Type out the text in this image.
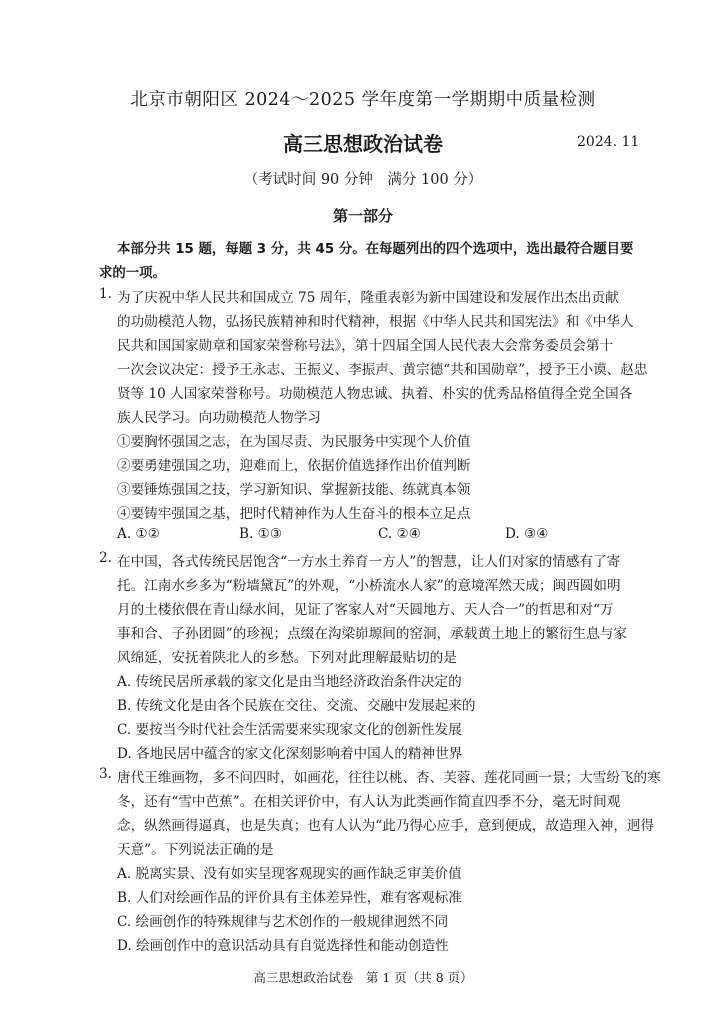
北京市朝阳区 2024～2025 学年度第一学期期中质量检测
高三思想政治试卷	2024. 11
（考试时间 90 分钟　满分 100 分）
第一部分
本部分共 15 题，每题 3 分，共 45 分。在每题列出的四个选项中，选出最符合题目要
求的一项。
1. 为了庆祝中华人民共和国成立 75 周年，隆重表彰为新中国建设和发展作出杰出贡献
的功勋模范人物，弘扬民族精神和时代精神，根据《中华人民共和国宪法》和《中华人
民共和国国家勋章和国家荣誉称号法》，第十四届全国人民代表大会常务委员会第十
一次会议决定：授予王永志、王振义、李振声、黄宗德“共和国勋章”，授予王小谟、赵忠
贤等 10 人国家荣誉称号。功勋模范人物忠诚、执着、朴实的优秀品格值得全党全国各
族人民学习。向功勋模范人物学习
①要胸怀强国之志，在为国尽责、为民服务中实现个人价值
②要勇建强国之功，迎难而上，依据价值选择作出价值判断
③要锤炼强国之技，学习新知识、掌握新技能、练就真本领
④要铸牢强国之基，把时代精神作为人生奋斗的根本立足点
A. ①②	B. ①③	C. ②④	D. ③④
2. 在中国，各式传统民居饱含“一方水土养育一方人”的智慧，让人们对家的情感有了寄
托。江南水乡多为“粉墙黛瓦”的外观，“小桥流水人家”的意境浑然天成；闽西圆如明
月的土楼依偎在青山绿水间，见证了客家人对“天圆地方、天人合一”的哲思和对“万
事和合、子孙团圆”的珍视；点缀在沟梁峁塬间的窑洞，承载黄土地上的繁衍生息与家
风绵延，安抚着陕北人的乡愁。下列对此理解最贴切的是
A. 传统民居所承载的家文化是由当地经济政治条件决定的
B. 传统文化是由各个民族在交往、交流、交融中发展起来的
C. 要按当今时代社会生活需要来实现家文化的创新性发展
D. 各地民居中蕴含的家文化深刻影响着中国人的精神世界
3. 唐代王维画物，多不问四时，如画花，往往以桃、杏、芙蓉、莲花同画一景；大雪纷飞的寒
冬，还有“雪中芭蕉”。在相关评价中，有人认为此类画作简直四季不分，毫无时间观
念，纵然画得逼真，也是失真；也有人认为“此乃得心应手，意到便成，故造理入神，迥得
天意”。下列说法正确的是
A. 脱离实景、没有如实呈现客观现实的画作缺乏审美价值
B. 人们对绘画作品的评价具有主体差异性，难有客观标准
C. 绘画创作的特殊规律与艺术创作的一般规律迥然不同
D. 绘画创作中的意识活动具有自觉选择性和能动创造性
高三思想政治试卷　第 1 页（共 8 页）
